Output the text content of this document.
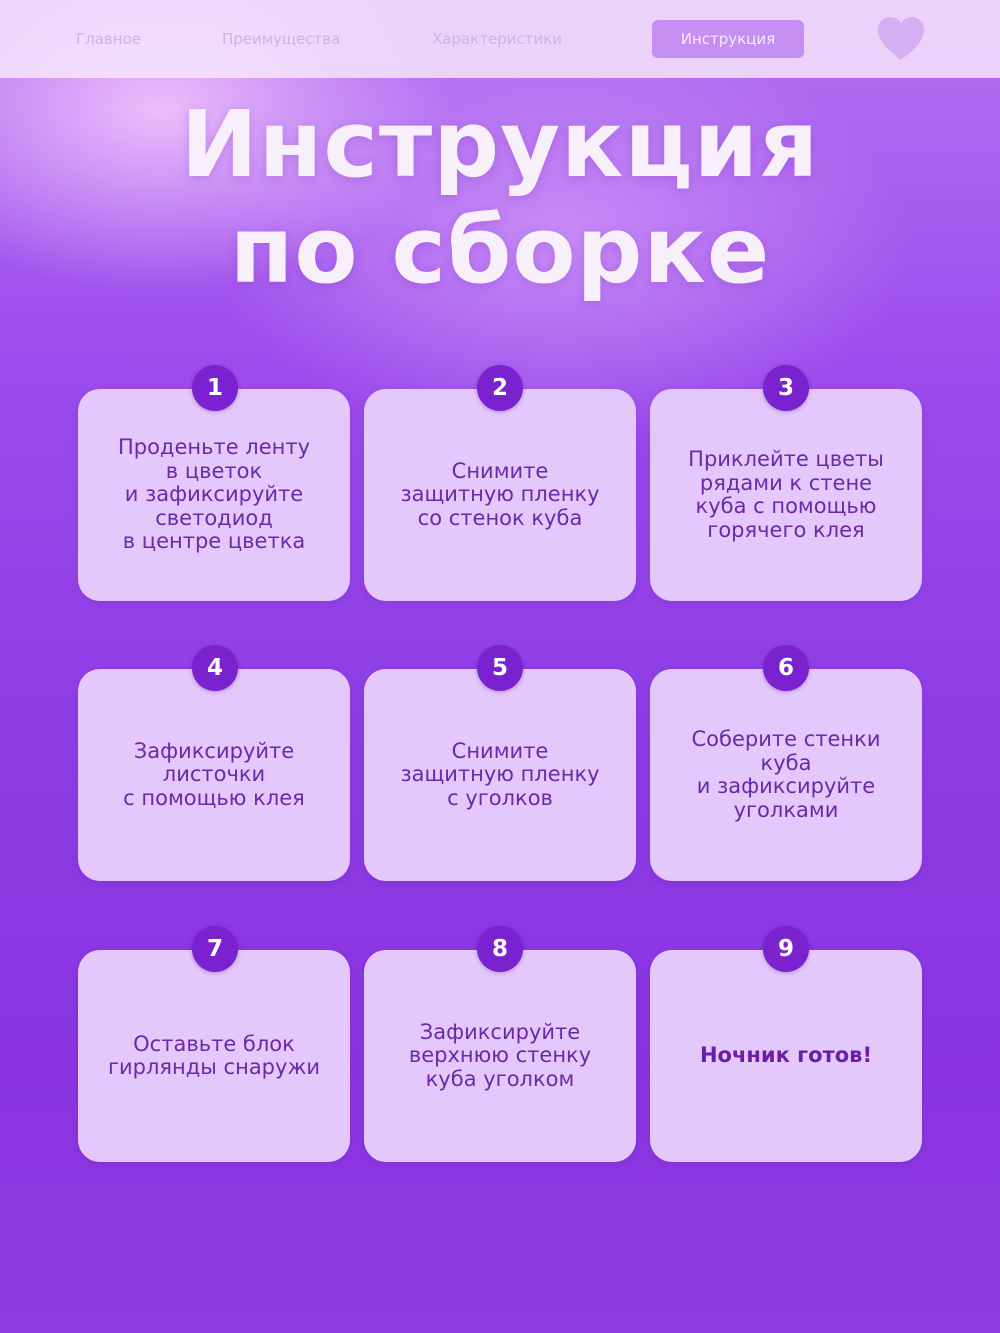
Главное	Преимущества	Характеристики	Инструкция
Инструкция
по сборке
Проденьте ленту
в цветок
и зафиксируйте
светодиод
в центре цветка
1
Снимите
защитную пленку
со стенок куба
2
Приклейте цветы
рядами к стене
куба с помощью
горячего клея
3
Зафиксируйте
листочки
с помощью клея
4
Снимите
защитную пленку
с уголков
5
Соберите стенки
куба
и зафиксируйте
уголками
6
Оставьте блок
гирлянды снаружи
7
Зафиксируйте
верхнюю стенку
куба уголком
8
Ночник готов!
9
